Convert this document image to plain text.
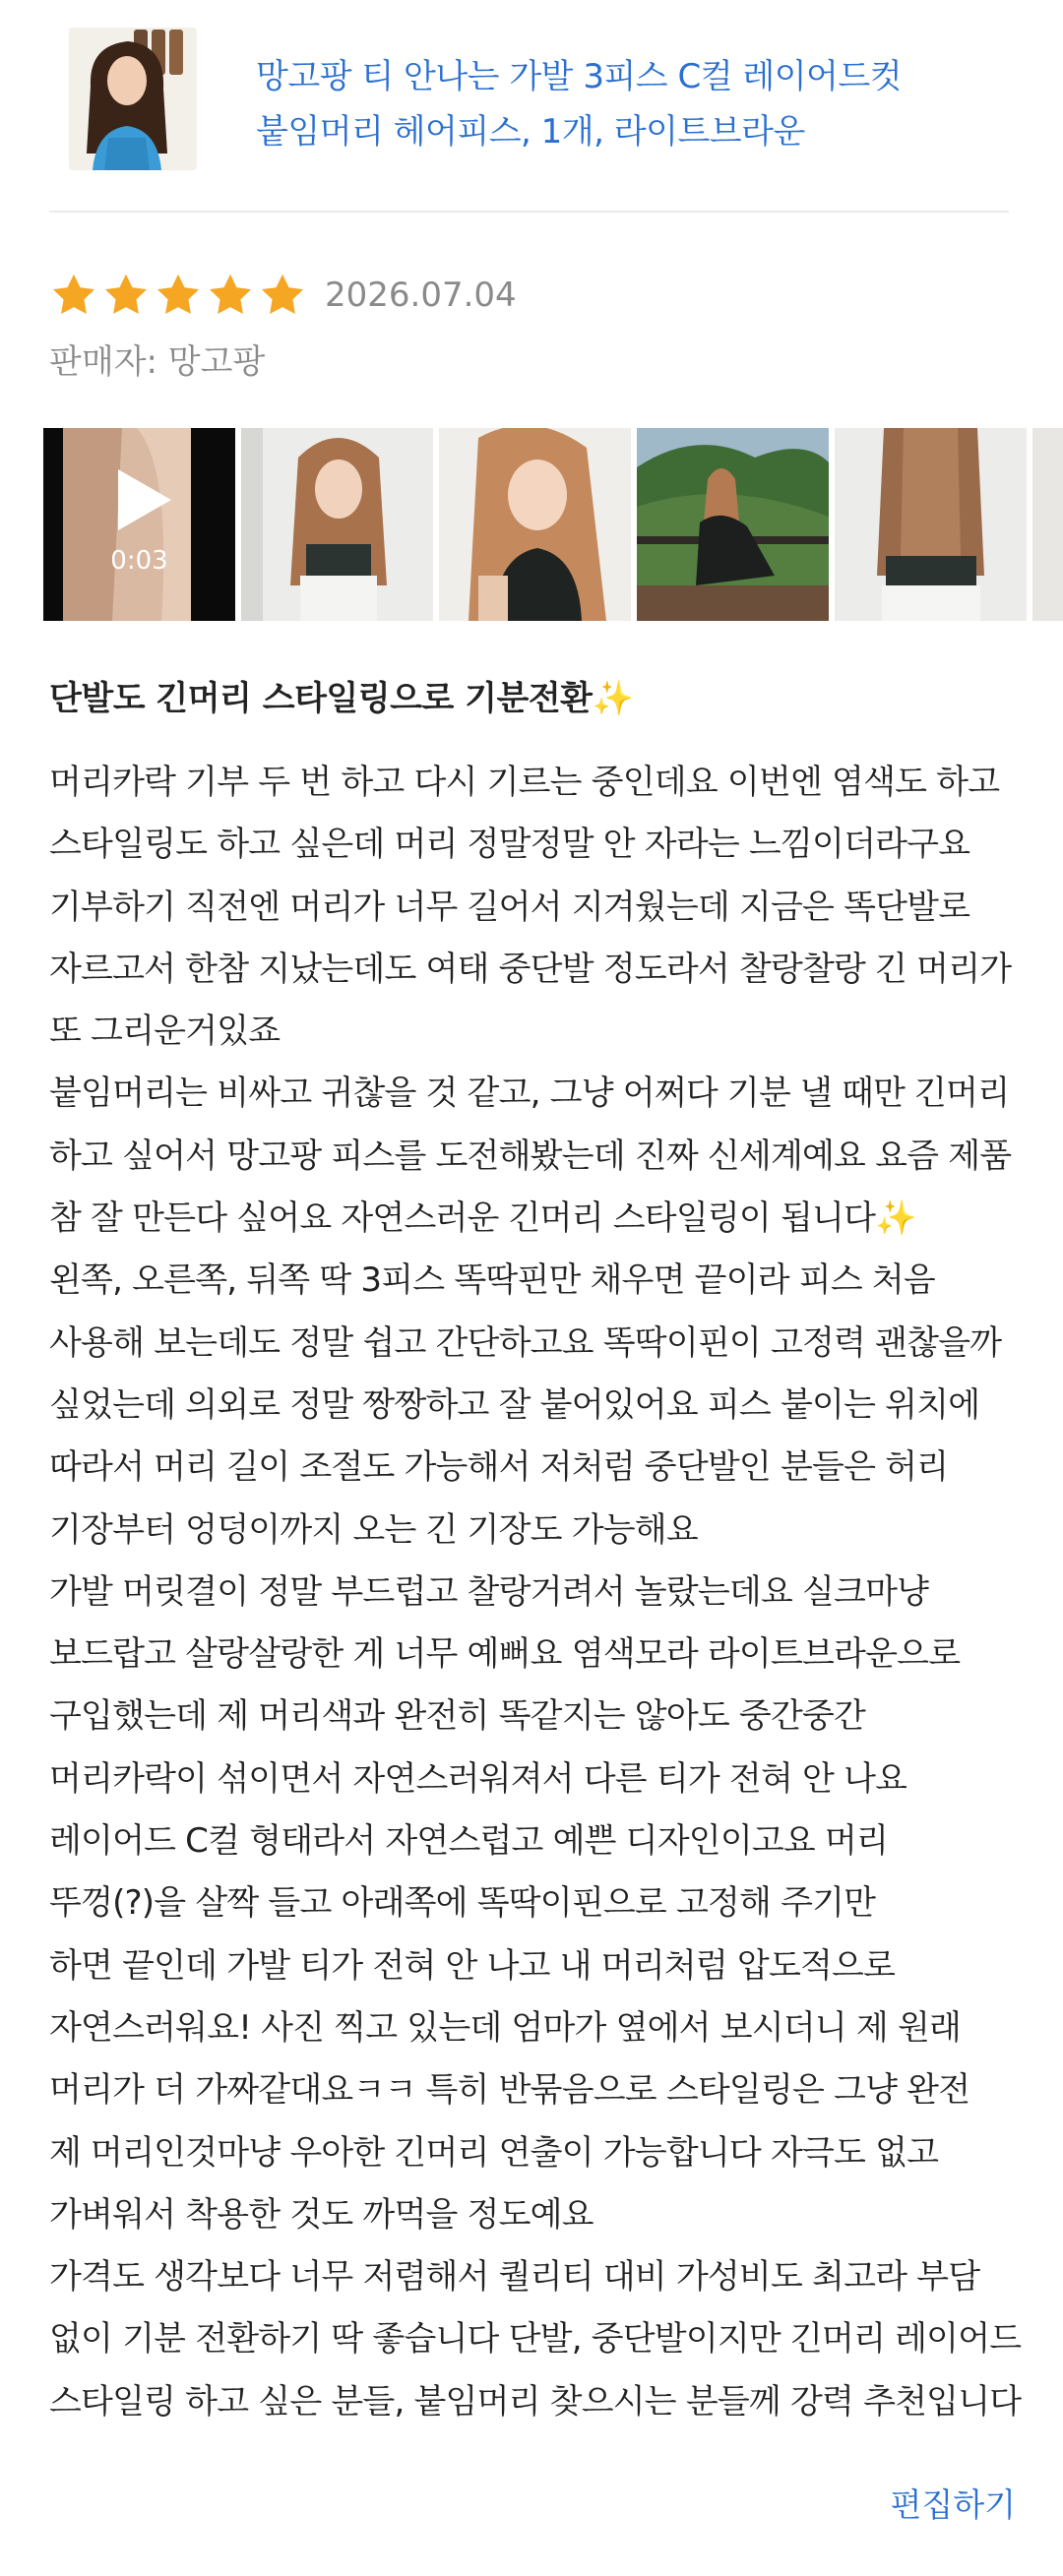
망고팡 티 안나는 가발 3피스 C컬 레이어드컷
붙임머리 헤어피스, 1개, 라이트브라운
2026.07.04
판매자: 망고팡
0:03
단발도 긴머리 스타일링으로 기분전환✨
머리카락 기부 두 번 하고 다시 기르는 중인데요 이번엔 염색도 하고
스타일링도 하고 싶은데 머리 정말정말 안 자라는 느낌이더라구요
기부하기 직전엔 머리가 너무 길어서 지겨웠는데 지금은 똑단발로
자르고서 한참 지났는데도 여태 중단발 정도라서 찰랑찰랑 긴 머리가
또 그리운거있죠
붙임머리는 비싸고 귀찮을 것 같고, 그냥 어쩌다 기분 낼 때만 긴머리
하고 싶어서 망고팡 피스를 도전해봤는데 진짜 신세계예요 요즘 제품
참 잘 만든다 싶어요 자연스러운 긴머리 스타일링이 됩니다✨
왼쪽, 오른쪽, 뒤쪽 딱 3피스 똑딱핀만 채우면 끝이라 피스 처음
사용해 보는데도 정말 쉽고 간단하고요 똑딱이핀이 고정력 괜찮을까
싶었는데 의외로 정말 짱짱하고 잘 붙어있어요 피스 붙이는 위치에
따라서 머리 길이 조절도 가능해서 저처럼 중단발인 분들은 허리
기장부터 엉덩이까지 오는 긴 기장도 가능해요
가발 머릿결이 정말 부드럽고 찰랑거려서 놀랐는데요 실크마냥
보드랍고 살랑살랑한 게 너무 예뻐요 염색모라 라이트브라운으로
구입했는데 제 머리색과 완전히 똑같지는 않아도 중간중간
머리카락이 섞이면서 자연스러워져서 다른 티가 전혀 안 나요
레이어드 C컬 형태라서 자연스럽고 예쁜 디자인이고요 머리
뚜껑(?)을 살짝 들고 아래쪽에 똑딱이핀으로 고정해 주기만
하면 끝인데 가발 티가 전혀 안 나고 내 머리처럼 압도적으로
자연스러워요! 사진 찍고 있는데 엄마가 옆에서 보시더니 제 원래
머리가 더 가짜같대요ㅋㅋ 특히 반묶음으로 스타일링은 그냥 완전
제 머리인것마냥 우아한 긴머리 연출이 가능합니다 자극도 없고
가벼워서 착용한 것도 까먹을 정도예요
가격도 생각보다 너무 저렴해서 퀄리티 대비 가성비도 최고라 부담
없이 기분 전환하기 딱 좋습니다 단발, 중단발이지만 긴머리 레이어드
스타일링 하고 싶은 분들, 붙임머리 찾으시는 분들께 강력 추천입니다
편집하기
